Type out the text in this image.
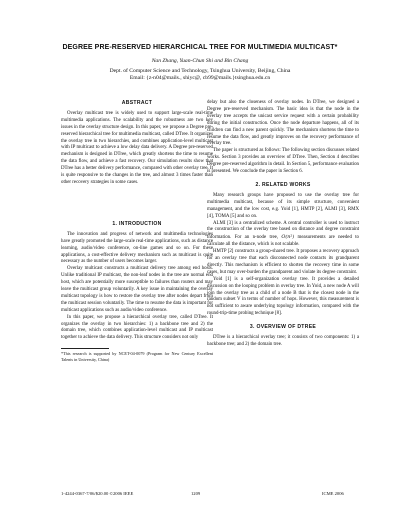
DEGREE PRE-RESERVED HIERARCHICAL TREE FOR MULTIMEDIA MULTICAST*
Nan Zhang, Yuan-Chun Shi and Bin Chang
Dept. of Computer Science and Technology, Tsinghua University, Beijing, China
Email: {z-n04@mails., shiyc@, cb99@mails.}tsinghua.edu.cn
ABSTRACT

Overlay multicast tree is widely used to support large-scale real-time multimedia applications. The scalability and the robustness are two key issues in the overlay structure design. In this paper, we propose a Degree pre-reserved hierarchical tree for multimedia multicast, called DTree. It organizes the overlay tree in two hierarchies, and combines application-level multicast with IP multicast to achieve a low delay data delivery. A Degree pre-reserved mechanism is designed in DTree, which greatly shortens the time to resume the data flow, and achieve a fast recovery. Our simulation results show that DTree has a better delivery performance, compared with other overlay tree. It is quite responsive to the changes in the tree, and almost 3 times faster than other recovery strategies in some cases.

1. INTRODUCTION

The innovation and progress of network and multimedia technologies have greatly promoted the large-scale real-time applications, such as distance learning, audio/video conference, on-line games and so on. For these applications, a cost-effective delivery mechanism such as multicast is quite necessary as the number of users becomes larger.

Overlay multicast constructs a multicast delivery tree among end hosts. Unlike traditional IP multicast, the non-leaf nodes in the tree are normal end host, which are potentially more susceptible to failures than routers and may leave the multicast group voluntarily. A key issue in maintaining the overlay multicast topology is how to restore the overlay tree after nodes depart from the multicast session voluntarily. The time to resume the data is important for multicast applications such as audio/video conference.

In this paper, we propose a hierarchical overlay tree, called DTree. It organizes the overlay in two hierarchies: 1) a backbone tree and 2) the domain tree, which combines application-level multicast and IP multicast together to achieve the data delivery. This structure considers not only

*This research is supported by NCET-04-0079 (Program for New Century Excellent Talents in University, China)

delay but also the closeness of overlay nodes. In DTree, we designed a Degree pre-reserved mechanism. The basic idea is that the node in the overlay tree accepts the unicast service request with a certain probability during the initial construction. Once the node departure happens, all of its children can find a new parent quickly. The mechanism shortens the time to resume the data flow, and greatly improves on the recovery performance of overlay tree.

The paper is structured as follows: The following section discusses related works. Section 3 provides an overview of DTree. Then, Section 4 describes Degree pre-reserved algorithm in detail. In Section 5, performance evaluation is presented. We conclude the paper in Section 6.

2. RELATED WORKS

Many research groups have proposed to use the overlay tree for multimedia multicast, because of its simple structure, convenient management, and the low cost, e.g. Yoid [1], HMTP [2], ALMI [3], RMX [4], TOMA [5] and so on.

ALMI [3] is a centralized scheme. A central controller is used to instruct the construction of the overlay tree based on distance and degree constraint information. For an n-node tree, O(n²) measurements are needed to calculate all the distance, which is not scalable.

HMTP [2] constructs a group-shared tree. It proposes a recovery approach for an overlay tree that each disconnected node contacts its grandparent directly. This mechanism is efficient to shorten the recovery time in some cases, but may over-burden the grandparent and violate its degree constraint.

Yoid [1] is a self-organization overlay tree. It provides a detailed discussion on the looping problem in overlay tree. In Yoid, a new node A will join the overlay tree as a child of a node B that is the closest node in the random subset V in terms of number of hops. However, this measurement is not sufficient to aware underlying topology information, compared with the round-trip-time probing technique [8].

3. OVERVIEW OF DTREE

DTree is a hierarchical overlay tree; it consists of two components: 1) a backbone tree; and 2) the domain tree.

1-4244-0367-7/06/$20.00 ©2006 IEEE	1209	ICME 2006
